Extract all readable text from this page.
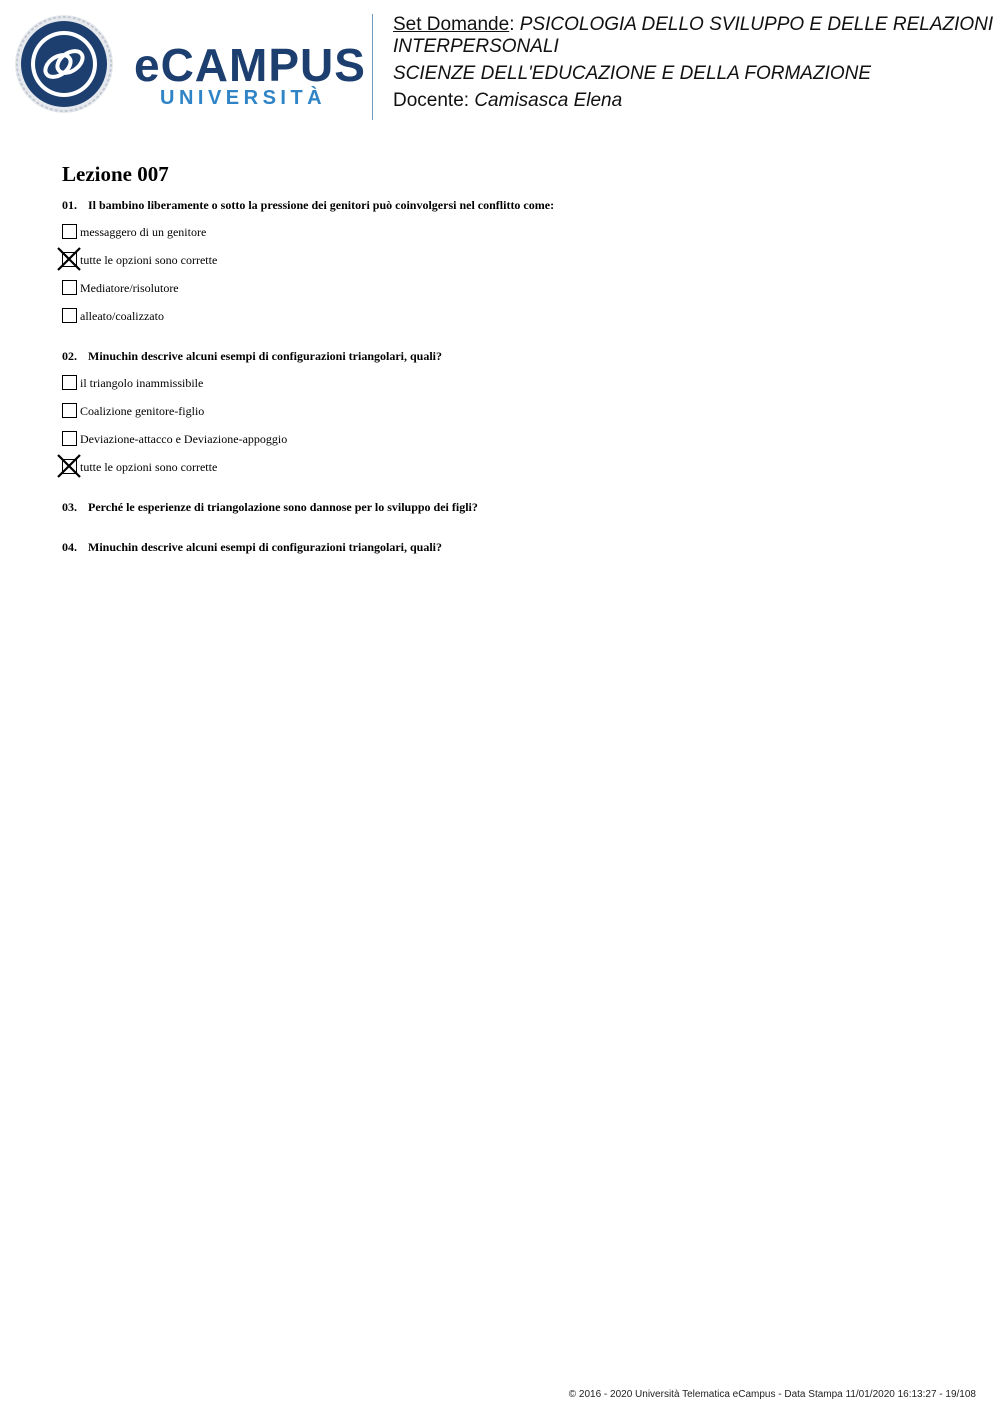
eCAMPUS
UNIVERSITÀ

Set Domande: PSICOLOGIA DELLO SVILUPPO E DELLE RELAZIONI
INTERPERSONALI

SCIENZE DELL'EDUCAZIONE E DELLA FORMAZIONE

Docente: Camisasca Elena

Lezione 007
01. Il bambino liberamente o sotto la pressione dei genitori può coinvolgersi nel conflitto come:
messaggero di un genitore
tutte le opzioni sono corrette
Mediatore/risolutore
alleato/coalizzato
02. Minuchin descrive alcuni esempi di configurazioni triangolari, quali?
il triangolo inammissibile
Coalizione genitore-figlio
Deviazione-attacco e Deviazione-appoggio
tutte le opzioni sono corrette
03. Perché le esperienze di triangolazione sono dannose per lo sviluppo dei figli?
04. Minuchin descrive alcuni esempi di configurazioni triangolari, quali?
© 2016 - 2020 Università Telematica eCampus - Data Stampa 11/01/2020 16:13:27 - 19/108
